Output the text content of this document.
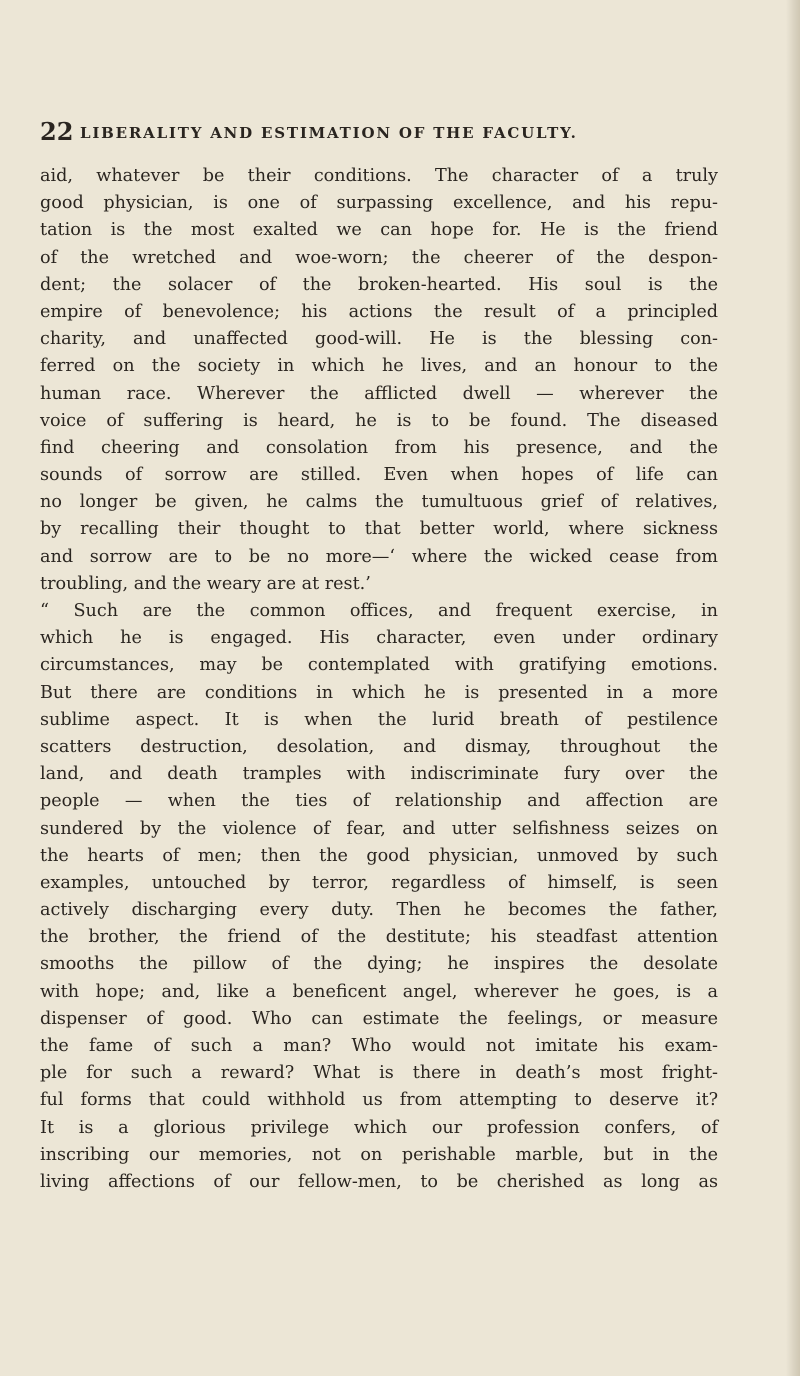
22 LIBERALITY AND ESTIMATION OF THE FACULTY.
aid, whatever be their conditions. The character of a truly
good physician, is one of surpassing excellence, and his repu-
tation is the most exalted we can hope for. He is the friend
of the wretched and woe-worn; the cheerer of the despon-
dent; the solacer of the broken-hearted. His soul is the
empire of benevolence; his actions the result of a principled
charity, and unaffected good-will. He is the blessing con-
ferred on the society in which he lives, and an honour to the
human race. Wherever the afflicted dwell — wherever the
voice of suffering is heard, he is to be found. The diseased
find cheering and consolation from his presence, and the
sounds of sorrow are stilled. Even when hopes of life can
no longer be given, he calms the tumultuous grief of relatives,
by recalling their thought to that better world, where sickness
and sorrow are to be no more—‘ where the wicked cease from
troubling, and the weary are at rest.’
“ Such are the common offices, and frequent exercise, in
which he is engaged. His character, even under ordinary
circumstances, may be contemplated with gratifying emotions.
But there are conditions in which he is presented in a more
sublime aspect. It is when the lurid breath of pestilence
scatters destruction, desolation, and dismay, throughout the
land, and death tramples with indiscriminate fury over the
people — when the ties of relationship and affection are
sundered by the violence of fear, and utter selfishness seizes on
the hearts of men; then the good physician, unmoved by such
examples, untouched by terror, regardless of himself, is seen
actively discharging every duty. Then he becomes the father,
the brother, the friend of the destitute; his steadfast attention
smooths the pillow of the dying; he inspires the desolate
with hope; and, like a beneficent angel, wherever he goes, is a
dispenser of good. Who can estimate the feelings, or measure
the fame of such a man? Who would not imitate his exam-
ple for such a reward? What is there in death’s most fright-
ful forms that could withhold us from attempting to deserve it?
It is a glorious privilege which our profession confers, of
inscribing our memories, not on perishable marble, but in the
living affections of our fellow-men, to be cherished as long as
